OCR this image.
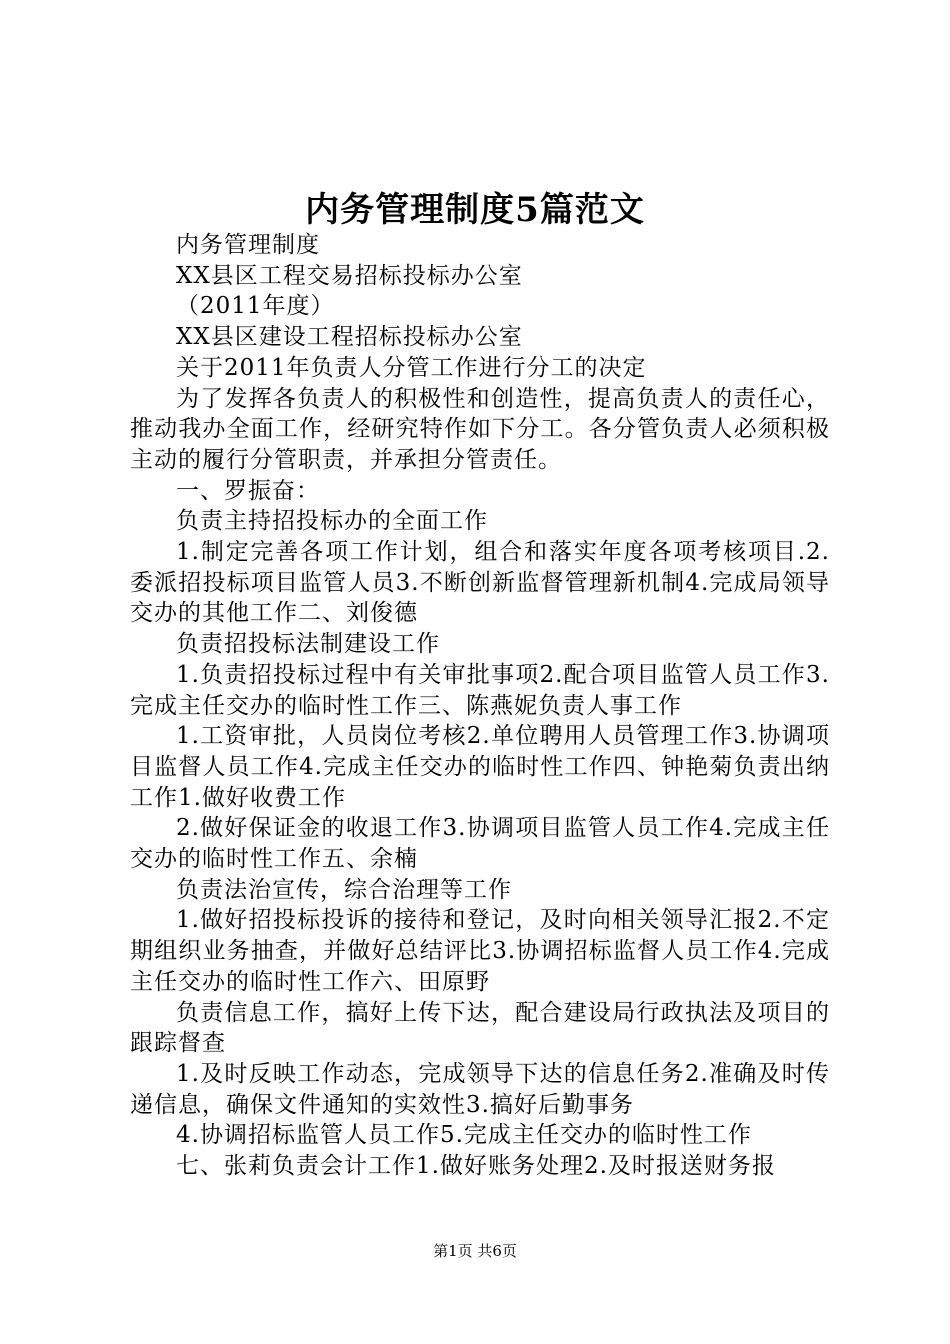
内务管理制度5篇范文

内务管理制度

XX县区工程交易招标投标办公室

（2011年度）

XX县区建设工程招标投标办公室

关于2011年负责人分管工作进行分工的决定

为了发挥各负责人的积极性和创造性，提高负责人的责任心，推动我办全面工作，经研究特作如下分工。各分管负责人必须积极主动的履行分管职责，并承担分管责任。

一、罗振奋：

负责主持招投标办的全面工作

1.制定完善各项工作计划，组合和落实年度各项考核项目.2.委派招投标项目监管人员3.不断创新监督管理新机制4.完成局领导交办的其他工作二、刘俊德

负责招投标法制建设工作

1.负责招投标过程中有关审批事项2.配合项目监管人员工作3.完成主任交办的临时性工作三、陈燕妮负责人事工作

1.工资审批，人员岗位考核2.单位聘用人员管理工作3.协调项目监督人员工作4.完成主任交办的临时性工作四、钟艳菊负责出纳工作1.做好收费工作

2.做好保证金的收退工作3.协调项目监管人员工作4.完成主任交办的临时性工作五、余楠

负责法治宣传，综合治理等工作

1.做好招投标投诉的接待和登记，及时向相关领导汇报2.不定期组织业务抽查，并做好总结评比3.协调招标监督人员工作4.完成主任交办的临时性工作六、田原野

负责信息工作，搞好上传下达，配合建设局行政执法及项目的跟踪督查

1.及时反映工作动态，完成领导下达的信息任务2.准确及时传递信息，确保文件通知的实效性3.搞好后勤事务

4.协调招标监管人员工作5.完成主任交办的临时性工作

七、张莉负责会计工作1.做好账务处理2.及时报送财务报

第1页 共6页
